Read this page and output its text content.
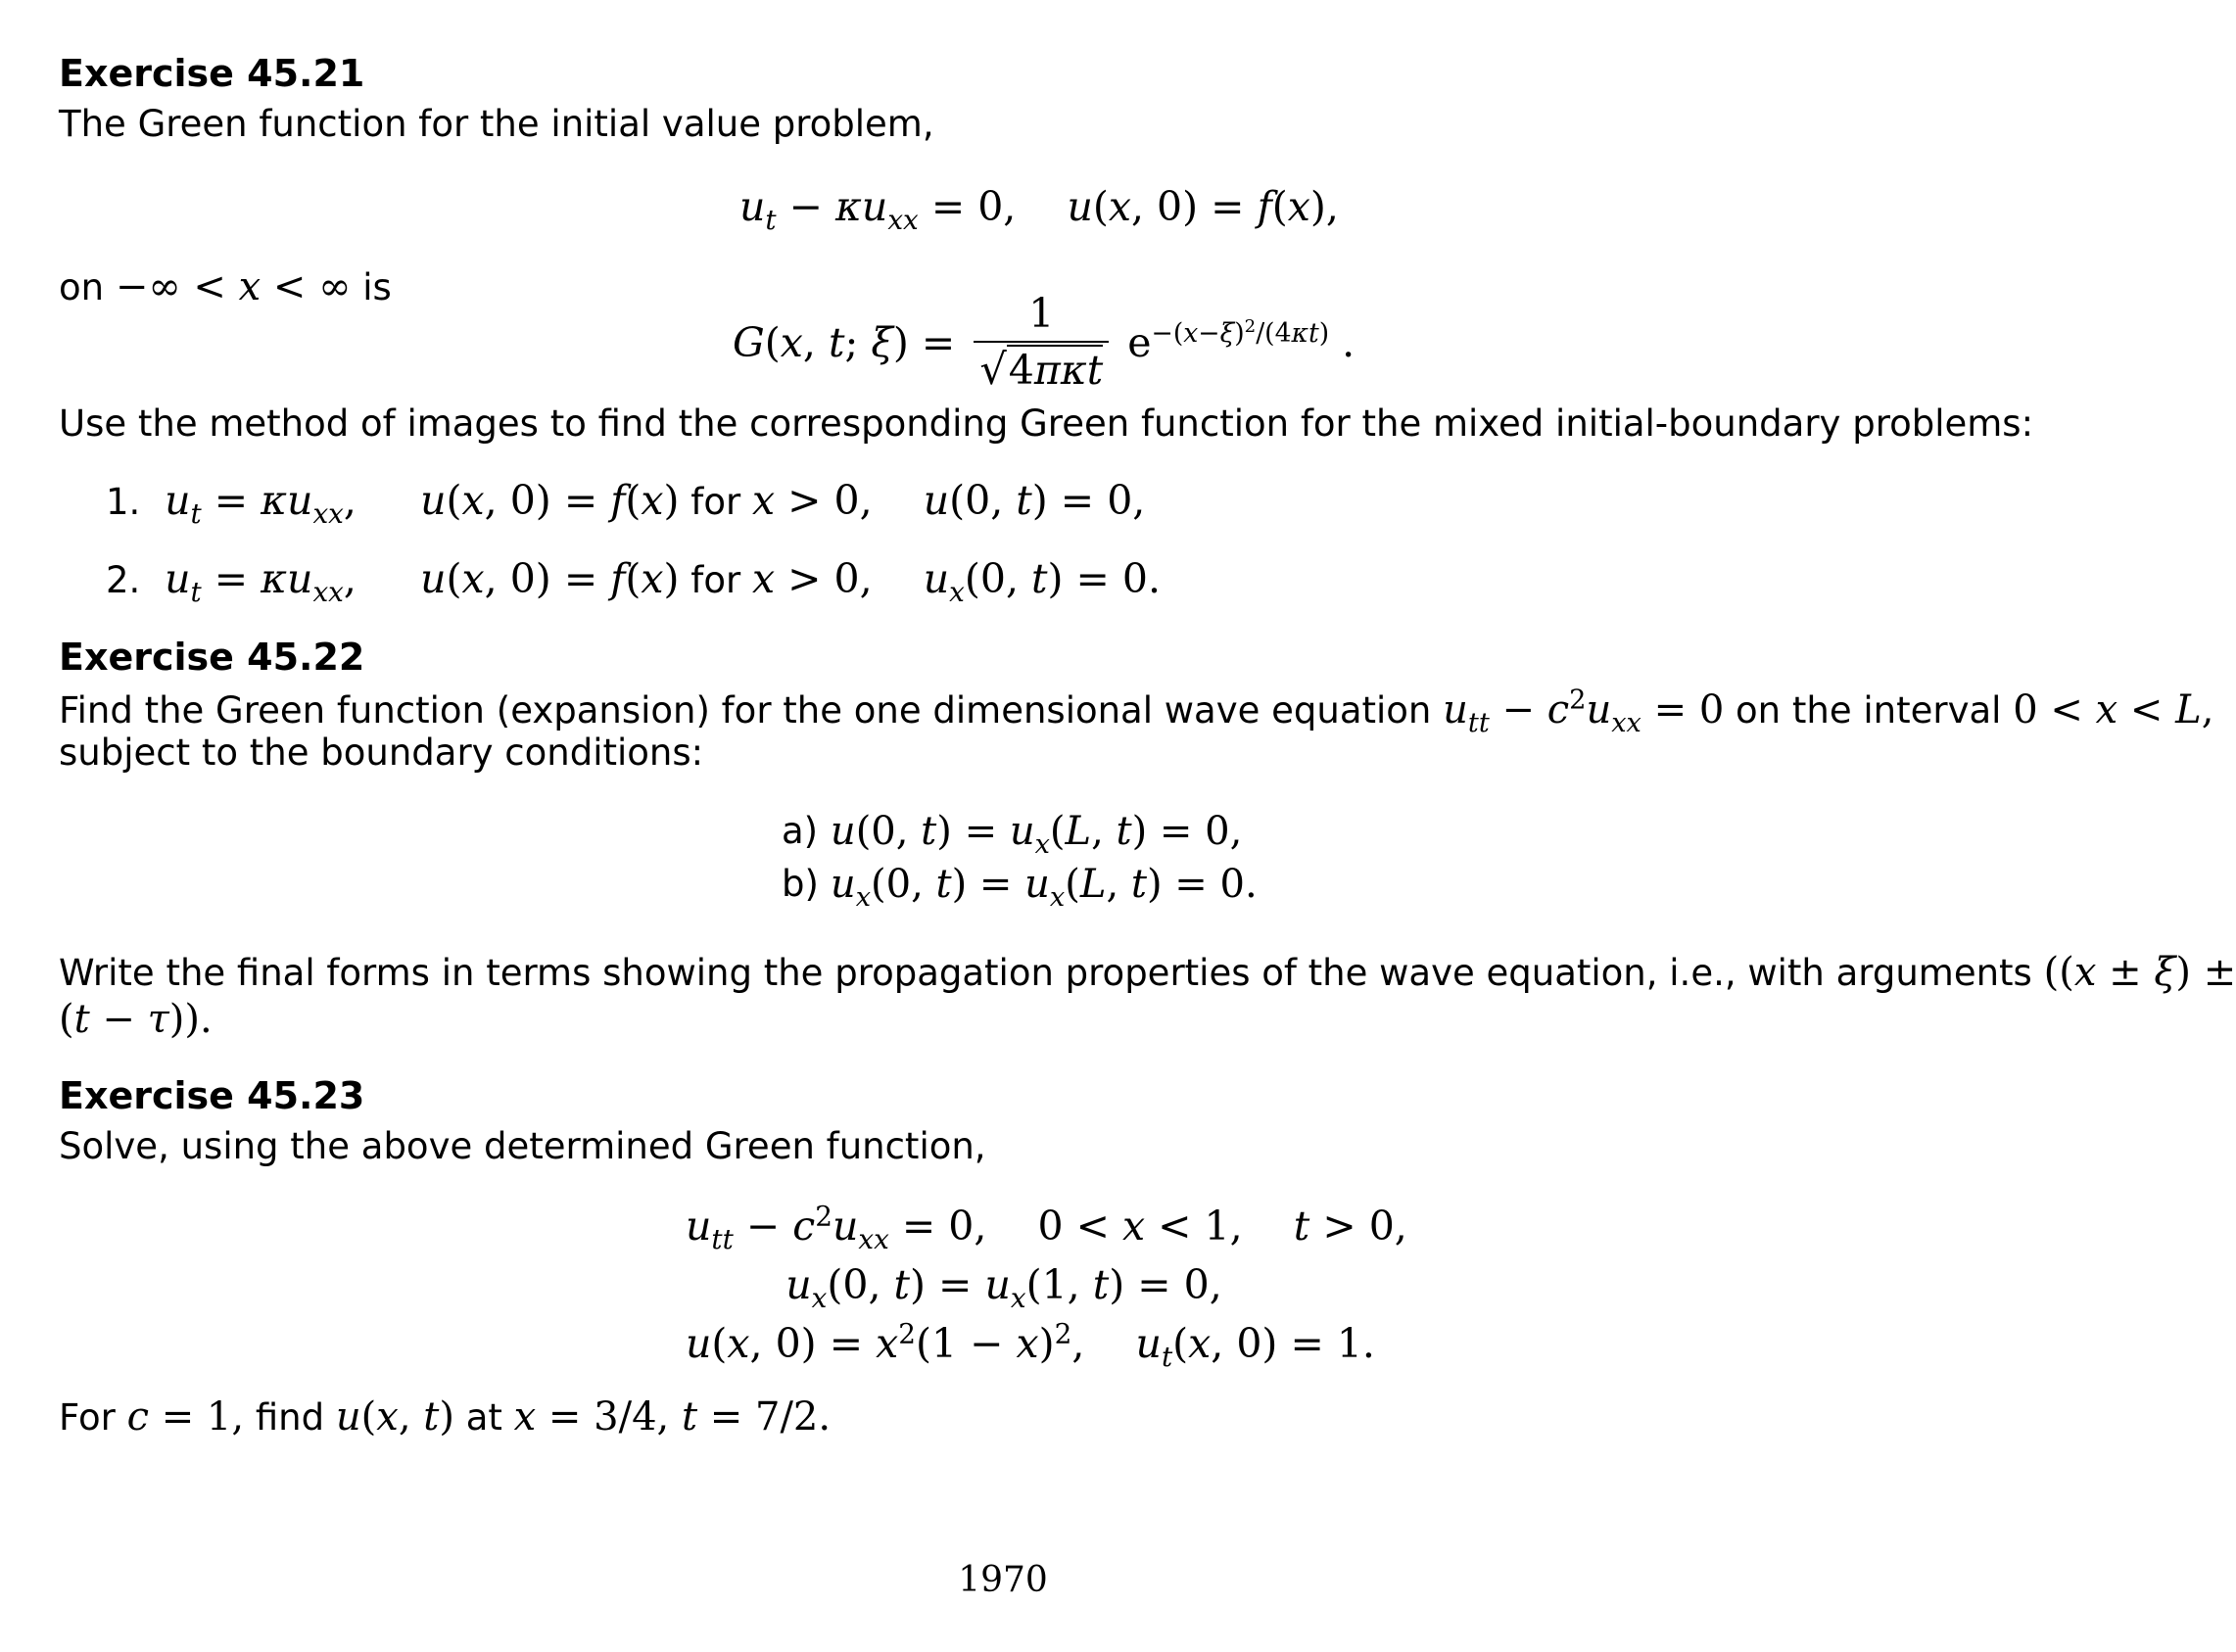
Exercise 45.21
The Green function for the initial value problem,
$u_t - \kappa u_{xx} = 0$,    u(x, 0) = f(x),
on −∞ < x < ∞ is
G(x, t; $\xi) = \frac{1}{\text{√4πκt}} e^{-(x-\xi)^2/(4\kappa t)}$ .
Use the method of images to find the corresponding Green function for the mixed initial-boundary problems:
1. $u_t = \kappa u_{xx}$,     u(x, 0) = f(x) for x > 0,    u(0, t) = 0,
2. $u_t = \kappa u_{xx}$,     u(x, 0) = f(x) for x > 0,    $u_x(0$, t) = 0.
Exercise 45.22
Find the Green function (expansion) for the one dimensional wave equation $u_{tt} - c^2u_{xx} = 0$ on the interval 0 < x < L,
subject to the boundary conditions:
a)	u(0, $t) = u_x(L$, t) = 0,
b)	$u_x(0$, $t) = u_x(L$, t) = 0.
Write the final forms in terms showing the propagation properties of the wave equation, i.e., with arguments ((x ± ξ) ±
(t − τ)).
Exercise 45.23
Solve, using the above determined Green function,
$u_{tt} - c^2u_{xx} = 0$,    0 < x < 1,    t > 0,
$u_x(0$, $t) = u_x(1$, t) = 0,
u(x, $0) = x^2(1 - x)^2$,    $u_t(x$, 0) = 1.
For c = 1, find u(x, t) at x = 3/4, t = 7/2.
1970
